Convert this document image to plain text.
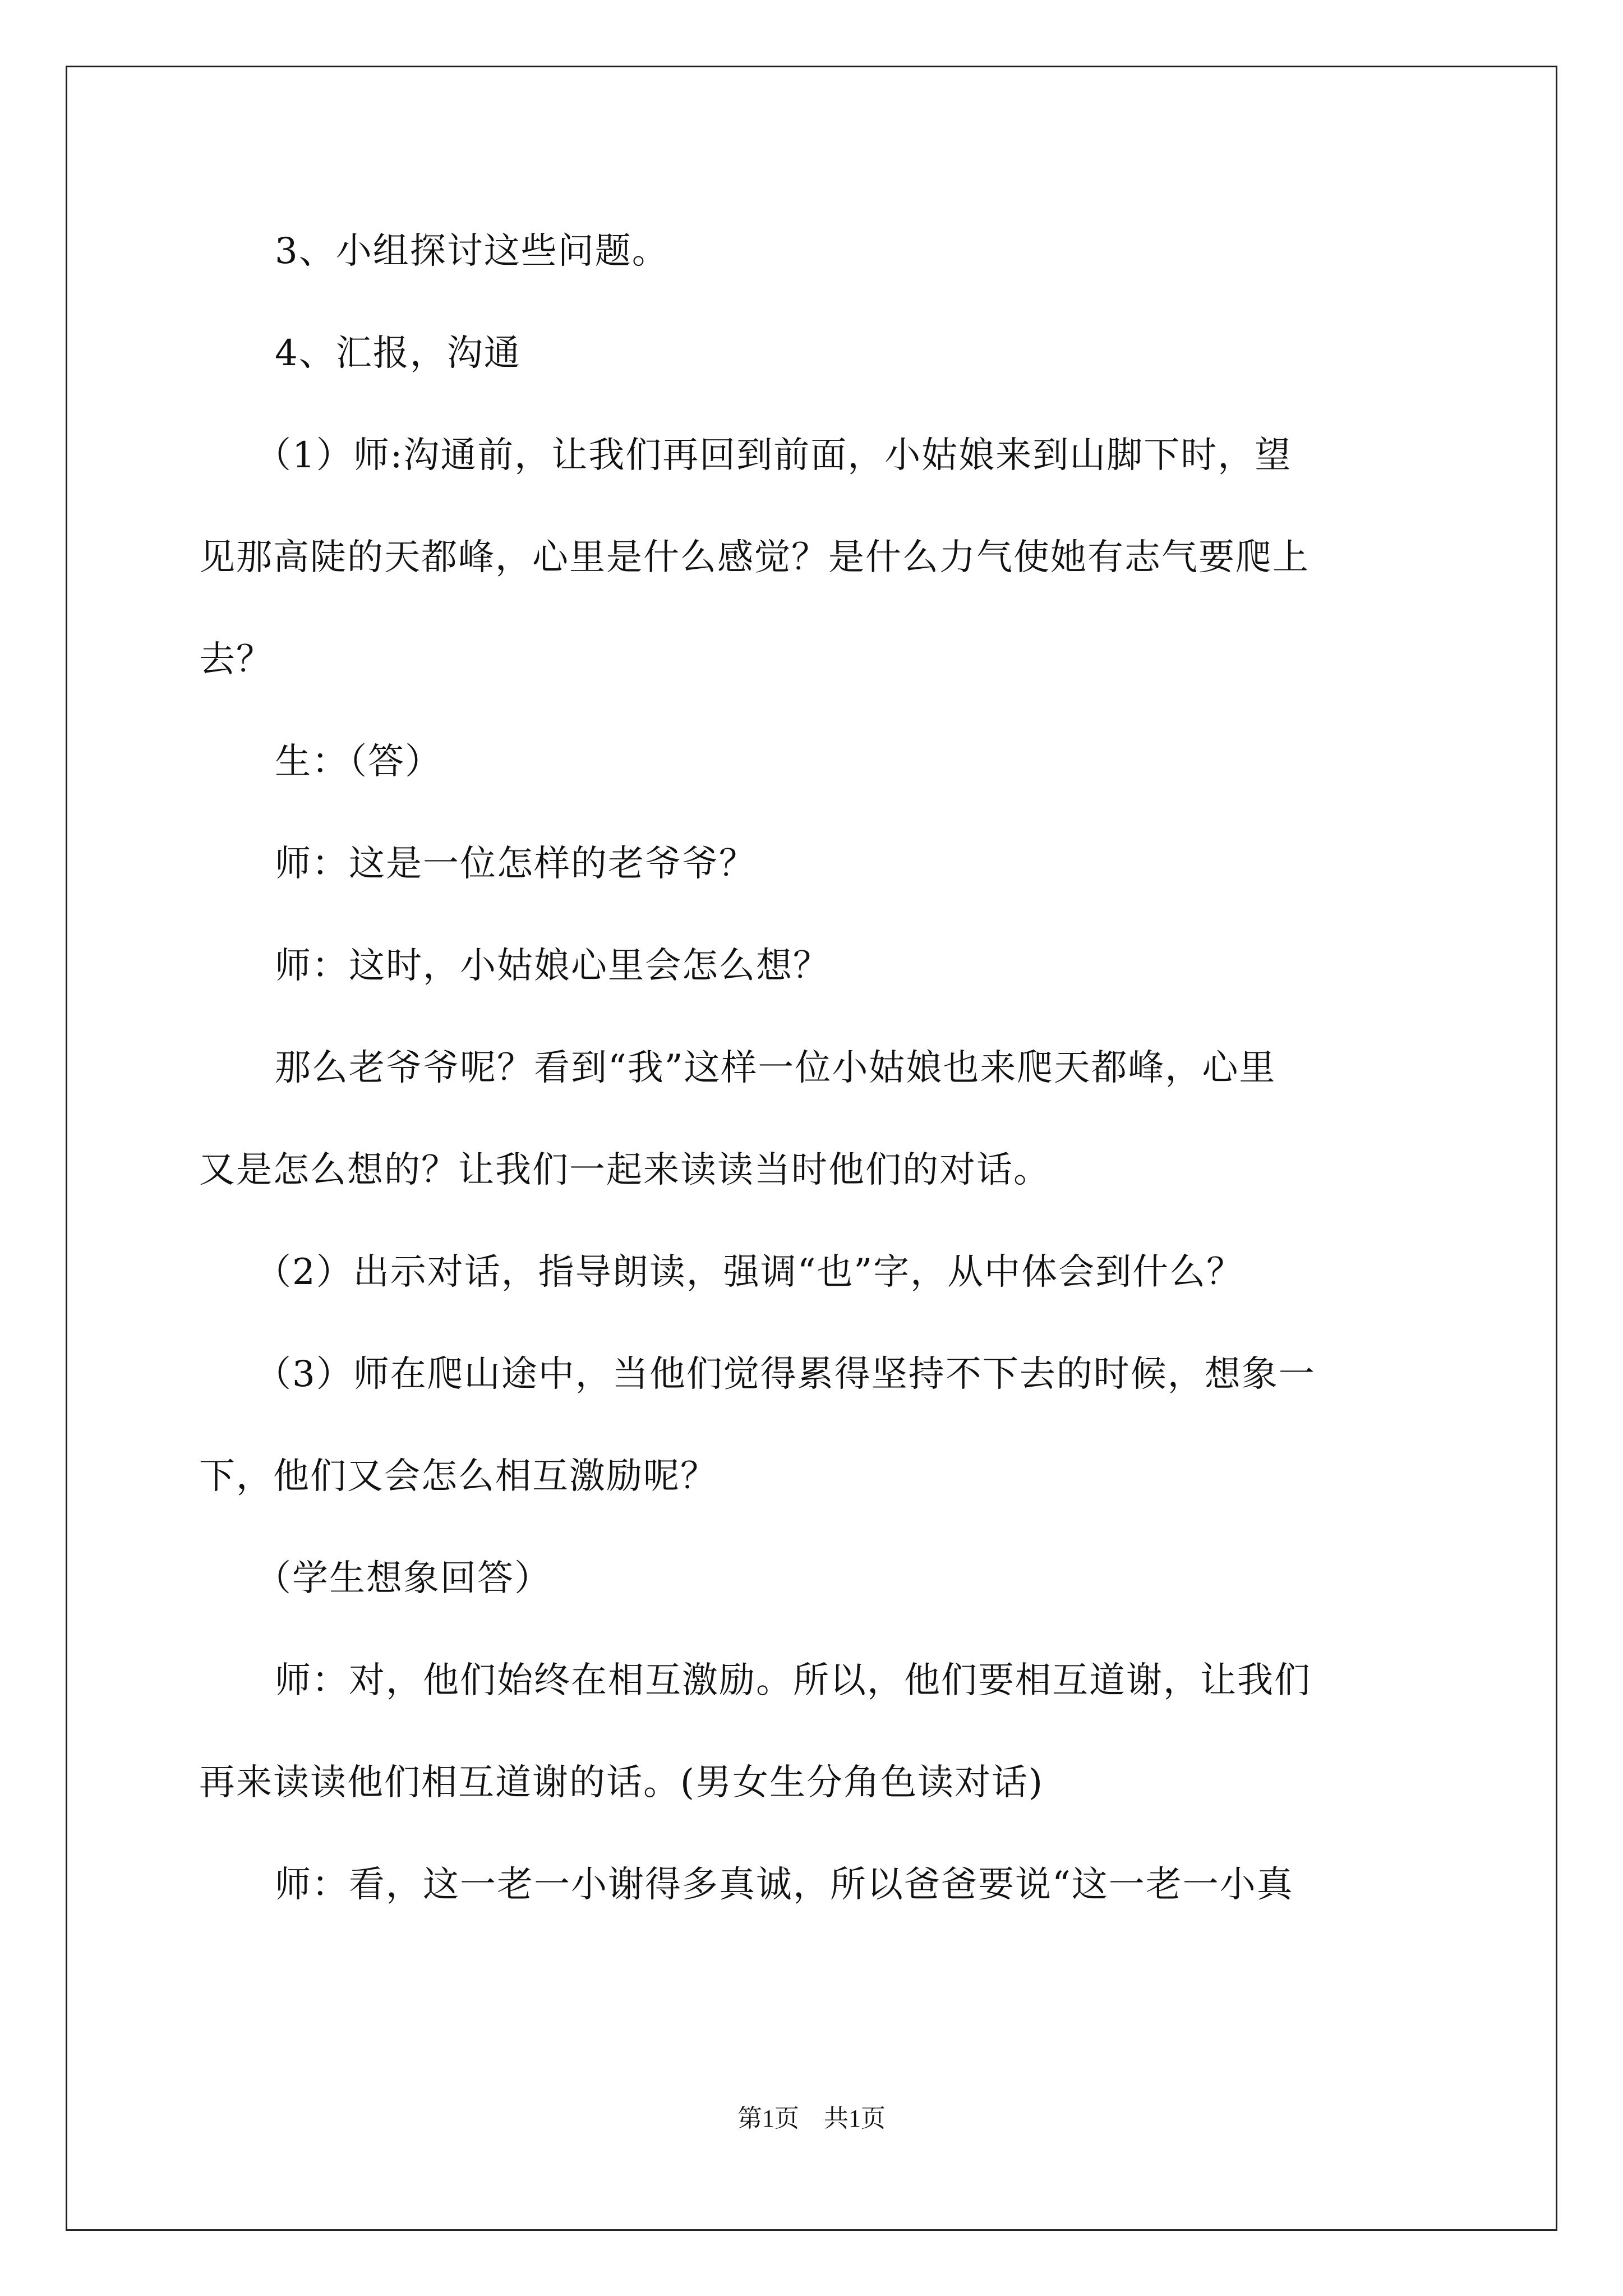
3、小组探讨这些问题。

4、汇报，沟通

（1）师:沟通前，让我们再回到前面，小姑娘来到山脚下时，望

见那高陡的天都峰，心里是什么感觉？是什么力气使她有志气要爬上

去？

生：（答）

师：这是一位怎样的老爷爷？

师：这时，小姑娘心里会怎么想？

那么老爷爷呢？看到“我”这样一位小姑娘也来爬天都峰，心里

又是怎么想的？让我们一起来读读当时他们的对话。

（2）出示对话，指导朗读，强调“也”字，从中体会到什么？

（3）师在爬山途中，当他们觉得累得坚持不下去的时候，想象一

下，他们又会怎么相互激励呢？

（学生想象回答）

师：对，他们始终在相互激励。所以，他们要相互道谢，让我们

再来读读他们相互道谢的话。(男女生分角色读对话)

师：看，这一老一小谢得多真诚，所以爸爸要说“这一老一小真

第1页　共1页
